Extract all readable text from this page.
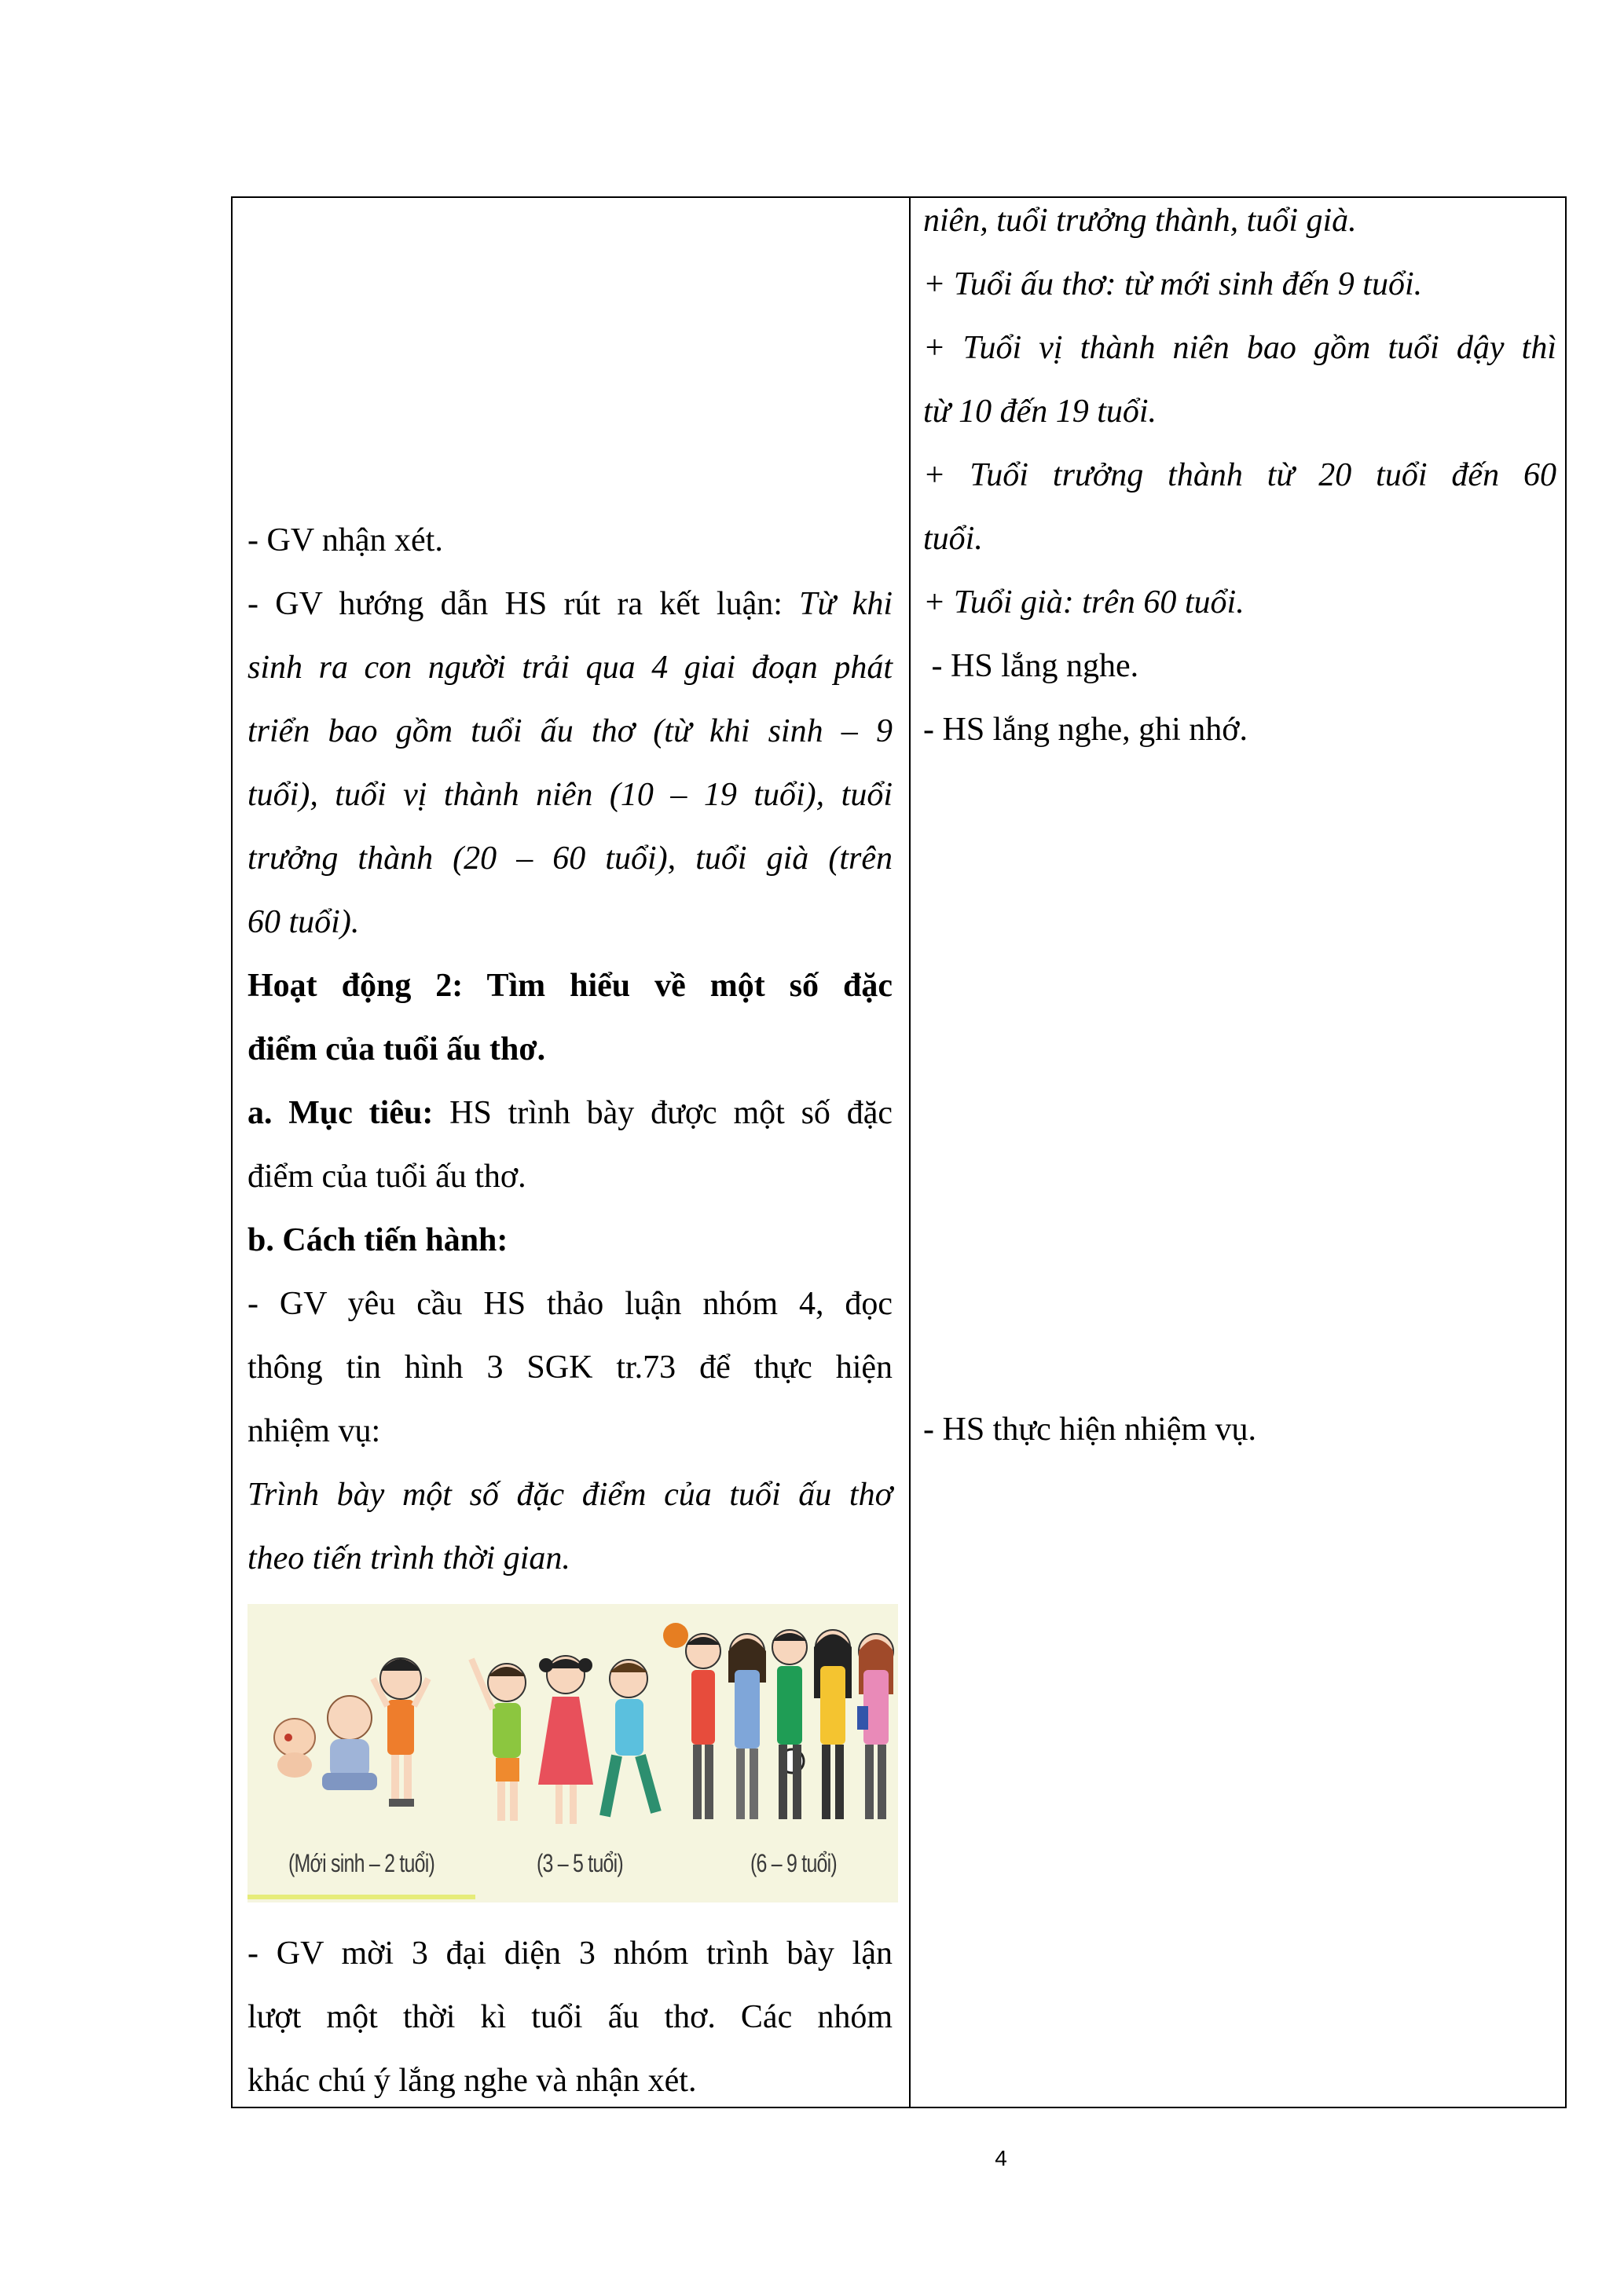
- GV nhận xét.
- GV hướng dẫn HS rút ra kết luận: Từ khi
sinh ra con người trải qua 4 giai đoạn phát
triển bao gồm tuổi ấu thơ (từ khi sinh – 9
tuổi), tuổi vị thành niên (10 – 19 tuổi), tuổi
trưởng thành (20 – 60 tuổi), tuổi già (trên
60 tuổi).
Hoạt động 2: Tìm hiểu về một số đặc
điểm của tuổi ấu thơ.
a. Mục tiêu: HS trình bày được một số đặc
điểm của tuổi ấu thơ.
b. Cách tiến hành:
- GV yêu cầu HS thảo luận nhóm 4, đọc
thông tin hình 3 SGK tr.73 để thực hiện
nhiệm vụ:
Trình bày một số đặc điểm của tuổi ấu thơ
theo tiến trình thời gian.
(Mới sinh – 2 tuổi)	(3 – 5 tuổi)	(6 – 9 tuổi)
- GV mời 3 đại diện 3 nhóm trình bày lận
lượt một thời kì tuổi ấu thơ. Các nhóm
khác chú ý lắng nghe và nhận xét.
niên, tuổi trưởng thành, tuổi già.
+ Tuổi ấu thơ: từ mới sinh đến 9 tuổi.
+ Tuổi vị thành niên bao gồm tuổi dậy thì
từ 10 đến 19 tuổi.
+ Tuổi trưởng thành từ 20 tuổi đến 60
tuổi.
+ Tuổi già: trên 60 tuổi.
- HS lắng nghe.
- HS lắng nghe, ghi nhớ.
- HS thực hiện nhiệm vụ.
4
